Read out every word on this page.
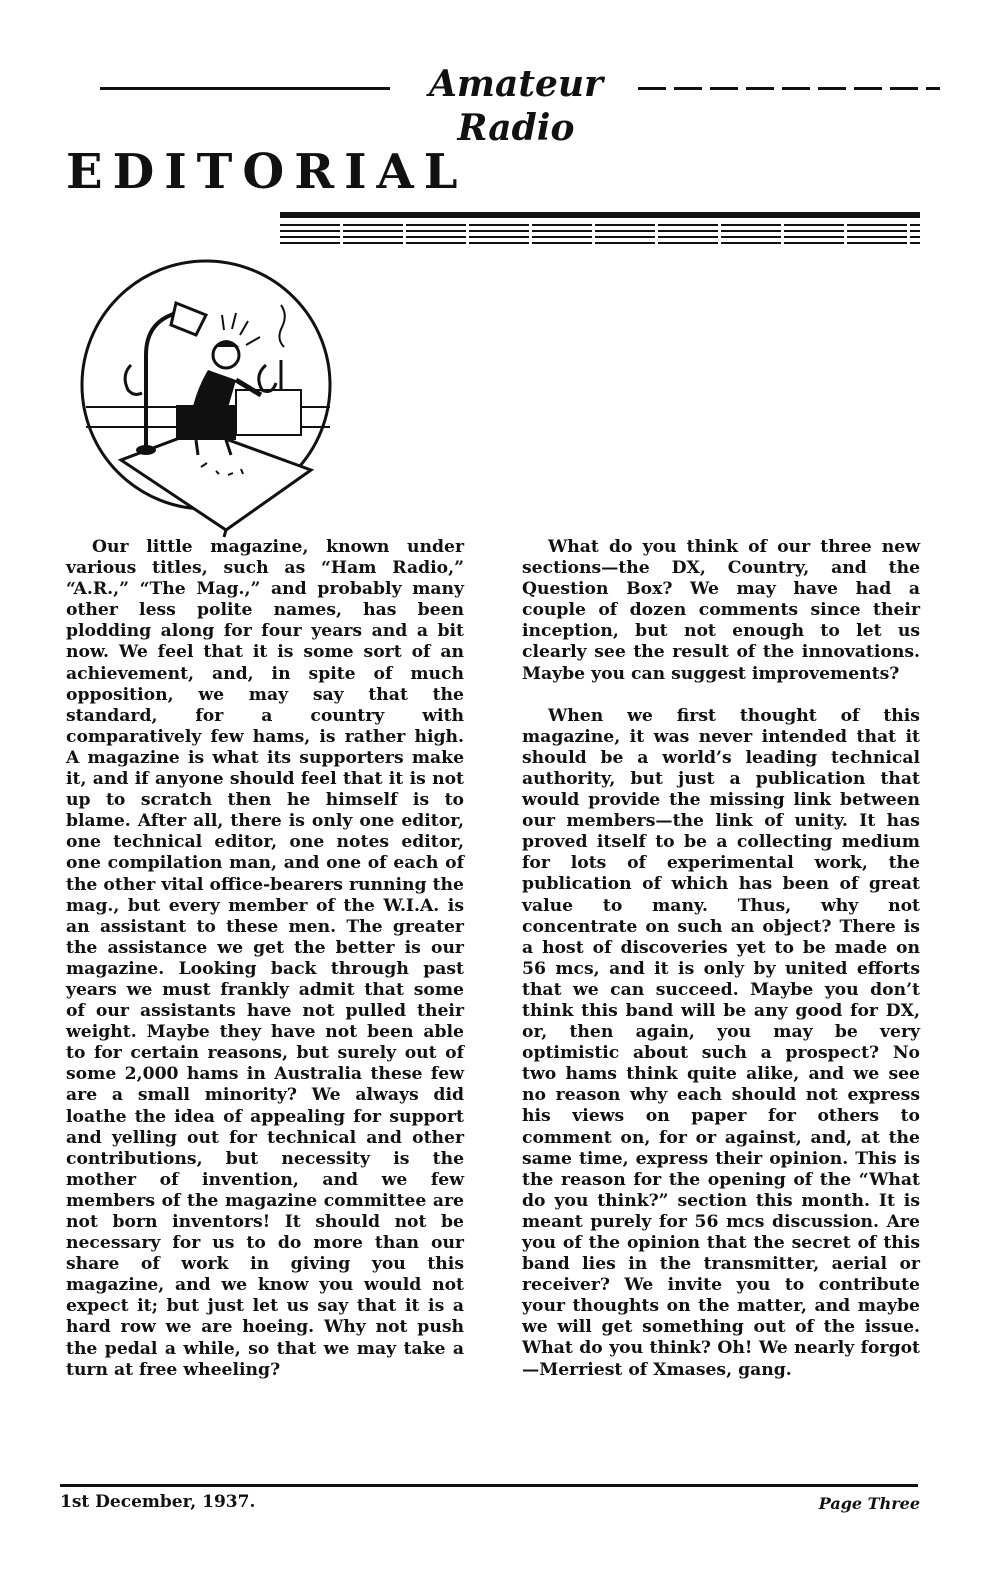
Amateur Radio
EDITORIAL

Our little magazine, known under various titles, such as “Ham Radio,” “A.R.,” “The Mag.,” and probably many other less polite names, has been plodding along for four years and a bit now. We feel that it is some sort of an achievement, and, in spite of much opposition, we may say that the standard, for a country with comparatively few hams, is rather high. A magazine is what its supporters make it, and if anyone should feel that it is not up to scratch then he himself is to blame. After all, there is only one editor, one technical editor, one notes editor, one compilation man, and one of each of the other vital office-bearers running the mag., but every member of the W.I.A. is an assistant to these men. The greater the assistance we get the better is our magazine. Looking back through past years we must frankly admit that some of our assistants have not pulled their weight. Maybe they have not been able to for certain reasons, but surely out of some 2,000 hams in Australia these few are a small minority? We always did loathe the idea of appealing for support and yelling out for technical and other contributions, but necessity is the mother of invention, and we few members of the magazine committee are not born inventors! It should not be necessary for us to do more than our share of work in giving you this magazine, and we know you would not expect it; but just let us say that it is a hard row we are hoeing. Why not push the pedal a while, so that we may take a turn at free wheeling?

What do you think of our three new sections—the DX, Country, and the Question Box? We may have had a couple of dozen comments since their inception, but not enough to let us clearly see the result of the innovations. Maybe you can suggest improvements?

When we first thought of this magazine, it was never intended that it should be a world’s leading technical authority, but just a publication that would provide the missing link between our members—the link of unity. It has proved itself to be a collecting medium for lots of experimental work, the publication of which has been of great value to many. Thus, why not concentrate on such an object? There is a host of discoveries yet to be made on 56 mcs, and it is only by united efforts that we can succeed. Maybe you don’t think this band will be any good for DX, or, then again, you may be very optimistic about such a prospect? No two hams think quite alike, and we see no reason why each should not express his views on paper for others to comment on, for or against, and, at the same time, express their opinion. This is the reason for the opening of the “What do you think?” section this month. It is meant purely for 56 mcs discussion. Are you of the opinion that the secret of this band lies in the transmitter, aerial or receiver? We invite you to contribute your thoughts on the matter, and maybe we will get something out of the issue. What do you think? Oh! We nearly forgot —Merriest of Xmases, gang.

1st December, 1937.	Page Three
